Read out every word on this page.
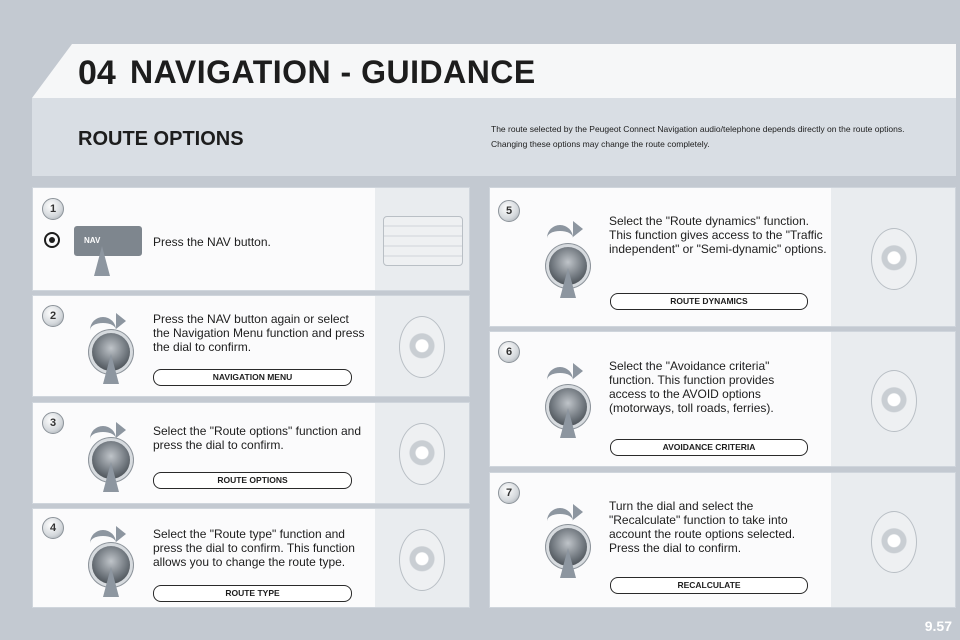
04 NAVIGATION - GUIDANCE
ROUTE OPTIONS	The route selected by the Peugeot Connect Navigation audio/telephone depends directly on the route options.
Changing these options may change the route completely.
1
NAV	Press the NAV button.
2	Press the NAV button again or select the Navigation Menu function and press the dial to confirm.
NAVIGATION MENU
3
Select the "Route options" function and press the dial to confirm.
ROUTE OPTIONS
4	Select the "Route type" function and press the dial to confirm. This function allows you to change the route type.
ROUTE TYPE
5
Select the "Route dynamics" function. This function gives access to the "Traffic independent" or "Semi-dynamic" options.
ROUTE DYNAMICS
6
Select the "Avoidance criteria" function. This function provides access to the AVOID options (motorways, toll roads, ferries).
AVOIDANCE CRITERIA
7
Turn the dial and select the "Recalculate" function to take into account the route options selected. Press the dial to confirm.
RECALCULATE
9.57
